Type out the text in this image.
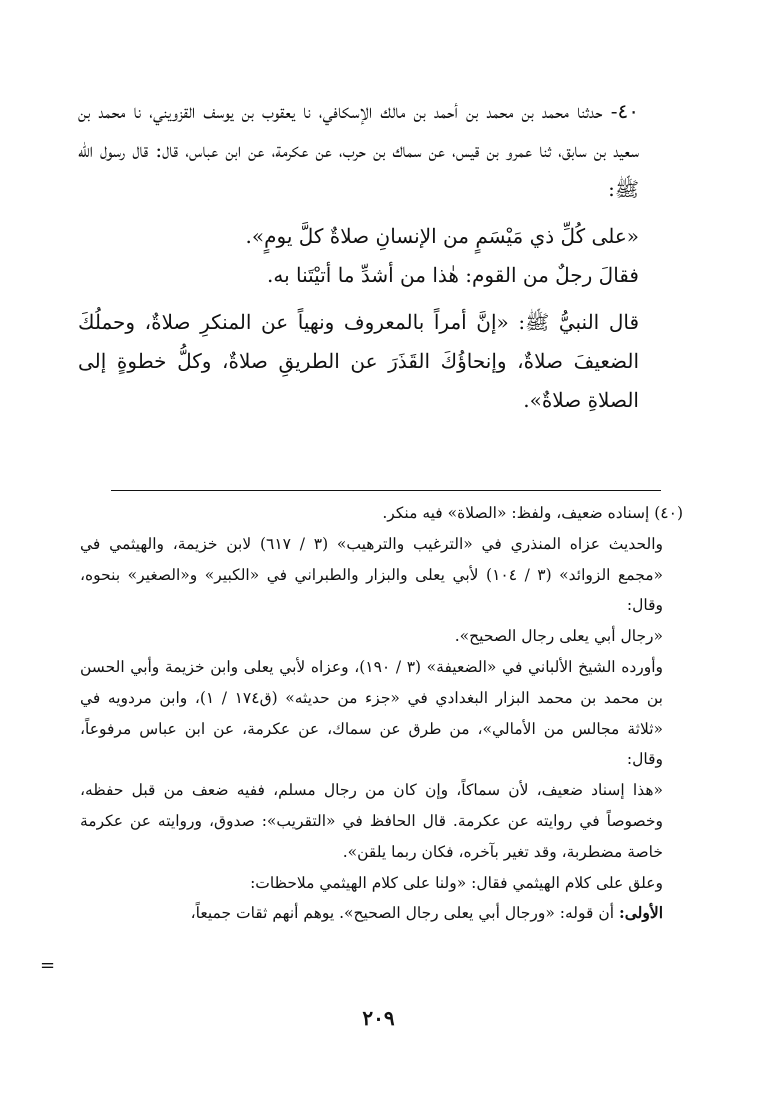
٤٠- حدثنا محمد بن محمد بن أحمد بن مالك الإسكافي، نا يعقوب بن يوسف القزويني، نا محمد بن سعيد بن سابق، ثنا عمرو بن قيس، عن سماك بن حرب، عن عكرمة، عن ابن عباس، قال: قال رسول الله ﷺ:

«على كُلِّ ذي مَيْسَمٍ من الإنسانِ صلاةٌ كلَّ يومٍ».

فقالَ رجلٌ من القوم: هٰذا من أشدِّ ما أتيْتَنا به.

قال النبيُّ ﷺ: «إنَّ أمراً بالمعروف ونهياً عن المنكرِ صلاةٌ، وحملُكَ الضعيفَ صلاةٌ، وإنحاؤُكَ القَذَرَ عن الطريقِ صلاةٌ، وكلُّ خطوةٍ إلى الصلاةِ صلاةٌ».

(٤٠) إسناده ضعيف، ولفظ: «الصلاة» فيه منكر.

والحديث عزاه المنذري في «الترغيب والترهيب» (٣ / ٦١٧) لابن خزيمة، والهيثمي في «مجمع الزوائد» (٣ / ١٠٤) لأبي يعلى والبزار والطبراني في «الكبير» و«الصغير» بنحوه، وقال:

«رجال أبي يعلى رجال الصحيح».

وأورده الشيخ الألباني في «الضعيفة» (٣ / ١٩٠)، وعزاه لأبي يعلى وابن خزيمة وأبي الحسن بن محمد بن محمد البزار البغدادي في «جزء من حديثه» (ق١٧٤ / ١)، وابن مردويه في «ثلاثة مجالس من الأمالي»، من طرق عن سماك، عن عكرمة، عن ابن عباس مرفوعاً، وقال:

«هذا إسناد ضعيف، لأن سماكاً، وإن كان من رجال مسلم، ففيه ضعف من قبل حفظه، وخصوصاً في روايته عن عكرمة. قال الحافظ في «التقريب»: صدوق، وروايته عن عكرمة خاصة مضطربة، وقد تغير بآخره، فكان ربما يلقن».

وعلق على كلام الهيثمي فقال: «ولنا على كلام الهيثمي ملاحظات:

الأولى: أن قوله: «ورجال أبي يعلى رجال الصحيح». يوهم أنهم ثقات جميعاً،

=
٢٠٩
